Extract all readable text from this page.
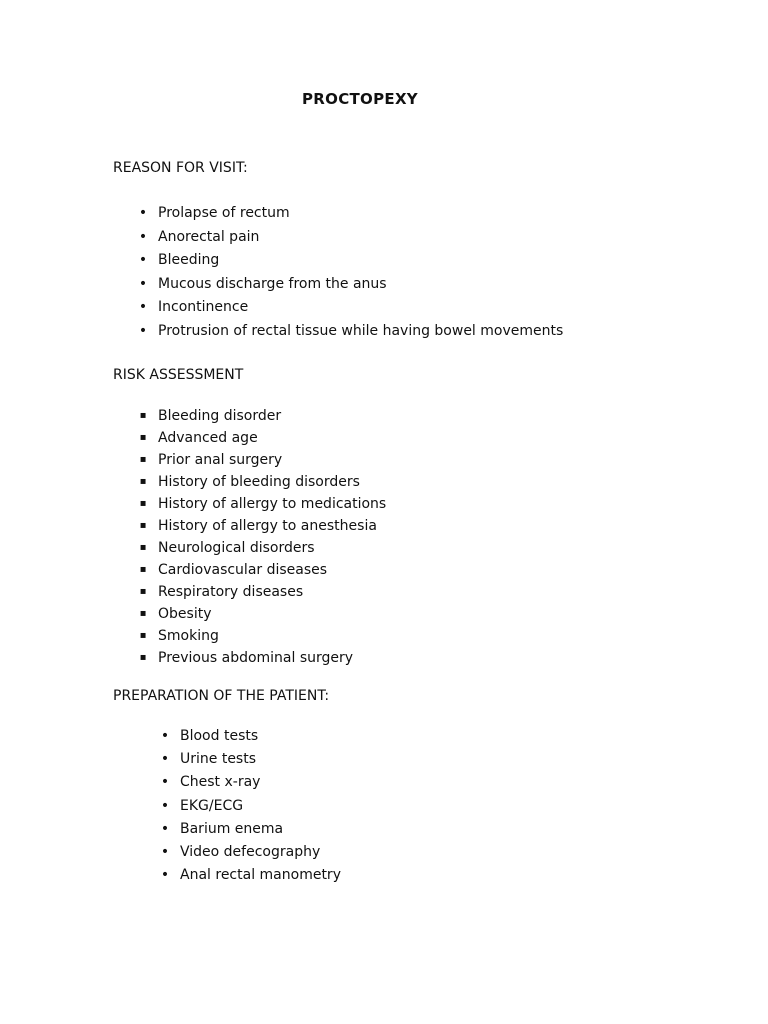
PROCTOPEXY
REASON FOR VISIT:
• Prolapse of rectum
• Anorectal pain
• Bleeding
• Mucous discharge from the anus
• Incontinence
• Protrusion of rectal tissue while having bowel movements
RISK ASSESSMENT
▪ Bleeding disorder
▪ Advanced age
▪ Prior anal surgery
▪ History of bleeding disorders
▪ History of allergy to medications
▪ History of allergy to anesthesia
▪ Neurological disorders
▪ Cardiovascular diseases
▪ Respiratory diseases
▪ Obesity
▪ Smoking
▪ Previous abdominal surgery
PREPARATION OF THE PATIENT:
• Blood tests
• Urine tests
• Chest x-ray
• EKG/ECG
• Barium enema
• Video defecography
• Anal rectal manometry
